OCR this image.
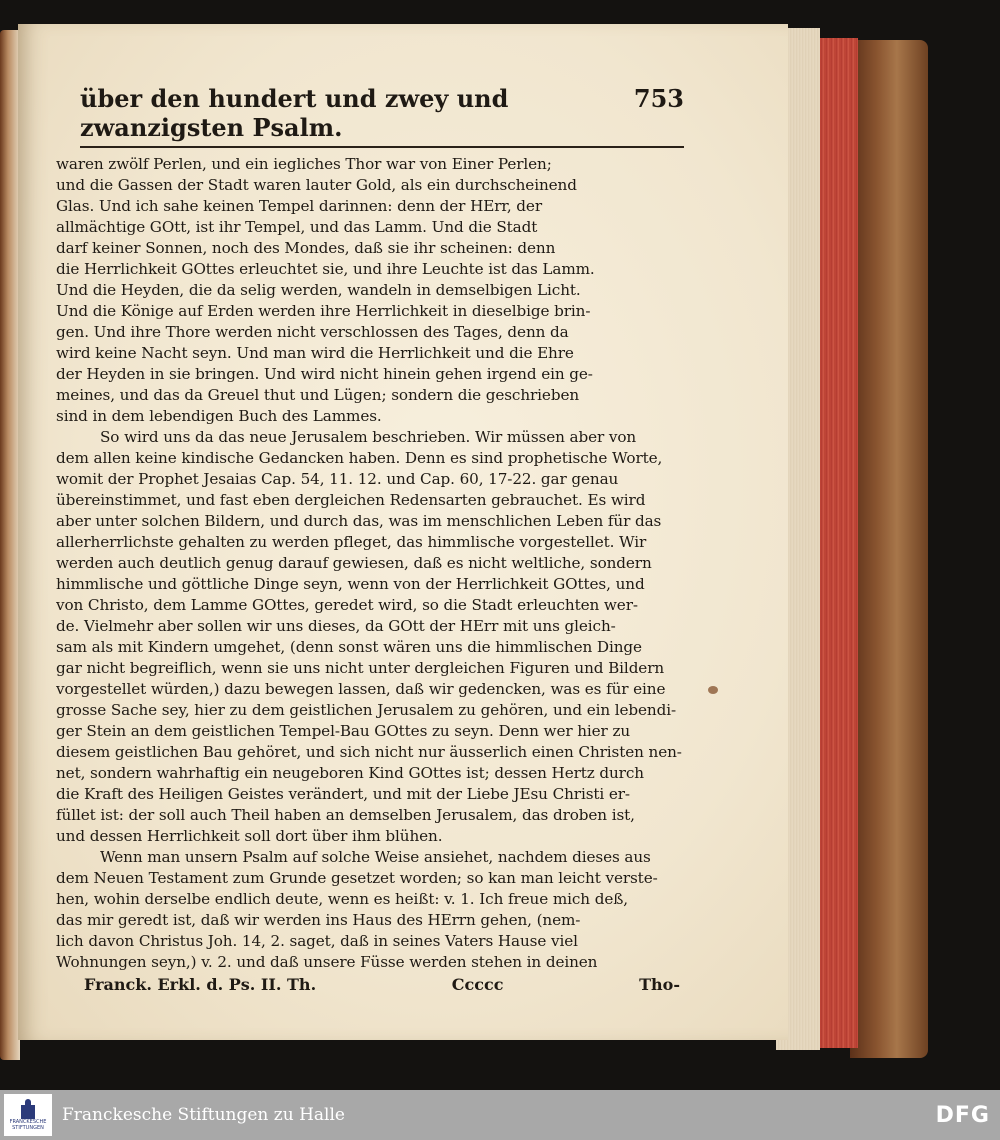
über den hundert und zwey und zwanzigsten Psalm.
753
waren zwölf Perlen, und ein iegliches Thor war von Einer Perlen;
und die Gassen der Stadt waren lauter Gold, als ein durchscheinend
Glas. Und ich sahe keinen Tempel darinnen: denn der HErr, der
allmächtige GOtt, ist ihr Tempel, und das Lamm. Und die Stadt
darf keiner Sonnen, noch des Mondes, daß sie ihr scheinen: denn
die Herrlichkeit GOttes erleuchtet sie, und ihre Leuchte ist das Lamm.
Und die Heyden, die da selig werden, wandeln in demselbigen Licht.
Und die Könige auf Erden werden ihre Herrlichkeit in dieselbige brin-
gen. Und ihre Thore werden nicht verschlossen des Tages, denn da
wird keine Nacht seyn. Und man wird die Herrlichkeit und die Ehre
der Heyden in sie bringen. Und wird nicht hinein gehen irgend ein ge-
meines, und das da Greuel thut und Lügen; sondern die geschrieben
sind in dem lebendigen Buch des Lammes.
So wird uns da das neue Jerusalem beschrieben. Wir müssen aber von
dem allen keine kindische Gedancken haben. Denn es sind prophetische Worte,
womit der Prophet Jesaias Cap. 54, 11. 12. und Cap. 60, 17-22. gar genau
übereinstimmet, und fast eben dergleichen Redensarten gebrauchet. Es wird
aber unter solchen Bildern, und durch das, was im menschlichen Leben für das
allerherrlichste gehalten zu werden pfleget, das himmlische vorgestellet. Wir
werden auch deutlich genug darauf gewiesen, daß es nicht weltliche, sondern
himmlische und göttliche Dinge seyn, wenn von der Herrlichkeit GOttes, und
von Christo, dem Lamme GOttes, geredet wird, so die Stadt erleuchten wer-
de. Vielmehr aber sollen wir uns dieses, da GOtt der HErr mit uns gleich-
sam als mit Kindern umgehet, (denn sonst wären uns die himmlischen Dinge
gar nicht begreiflich, wenn sie uns nicht unter dergleichen Figuren und Bildern
vorgestellet würden,) dazu bewegen lassen, daß wir gedencken, was es für eine
grosse Sache sey, hier zu dem geistlichen Jerusalem zu gehören, und ein lebendi-
ger Stein an dem geistlichen Tempel-Bau GOttes zu seyn. Denn wer hier zu
diesem geistlichen Bau gehöret, und sich nicht nur äusserlich einen Christen nen-
net, sondern wahrhaftig ein neugeboren Kind GOttes ist; dessen Hertz durch
die Kraft des Heiligen Geistes verändert, und mit der Liebe JEsu Christi er-
füllet ist: der soll auch Theil haben an demselben Jerusalem, das droben ist,
und dessen Herrlichkeit soll dort über ihm blühen.
Wenn man unsern Psalm auf solche Weise ansiehet, nachdem dieses aus
dem Neuen Testament zum Grunde gesetzet worden; so kan man leicht verste-
hen, wohin derselbe endlich deute, wenn es heißt: v. 1. Ich freue mich deß,
das mir geredt ist, daß wir werden ins Haus des HErrn gehen, (nem-
lich davon Christus Joh. 14, 2. saget, daß in seines Vaters Hause viel
Wohnungen seyn,) v. 2. und daß unsere Füsse werden stehen in deinen
Franck. Erkl. d. Ps. II. Th.	Ccccc	Tho-
FRANCKESCHE
STIFTUNGEN
Franckesche Stiftungen zu Halle	DFG
